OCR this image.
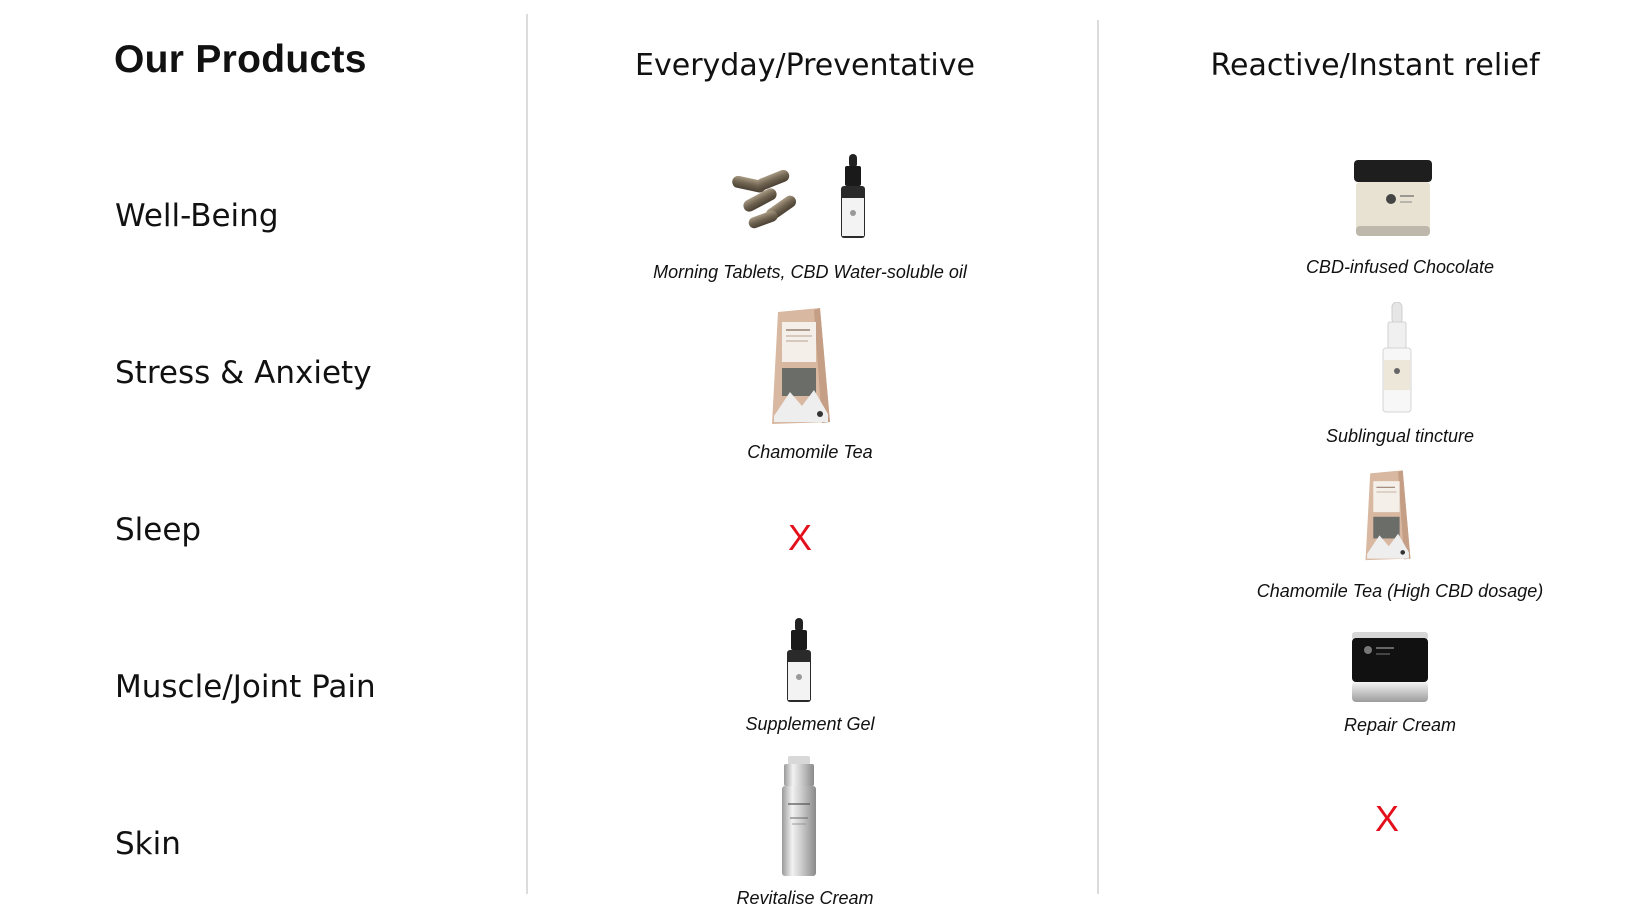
Our Products	Everyday/Preventative	Reactive/Instant relief
Well-Being
Stress & Anxiety
Sleep
Muscle/Joint Pain
Skin
Morning Tablets, CBD Water-soluble oil
Chamomile Tea
X
Supplement Gel
Revitalise Cream
CBD-infused Chocolate
Sublingual tincture
Chamomile Tea (High CBD dosage)
Repair Cream
X
